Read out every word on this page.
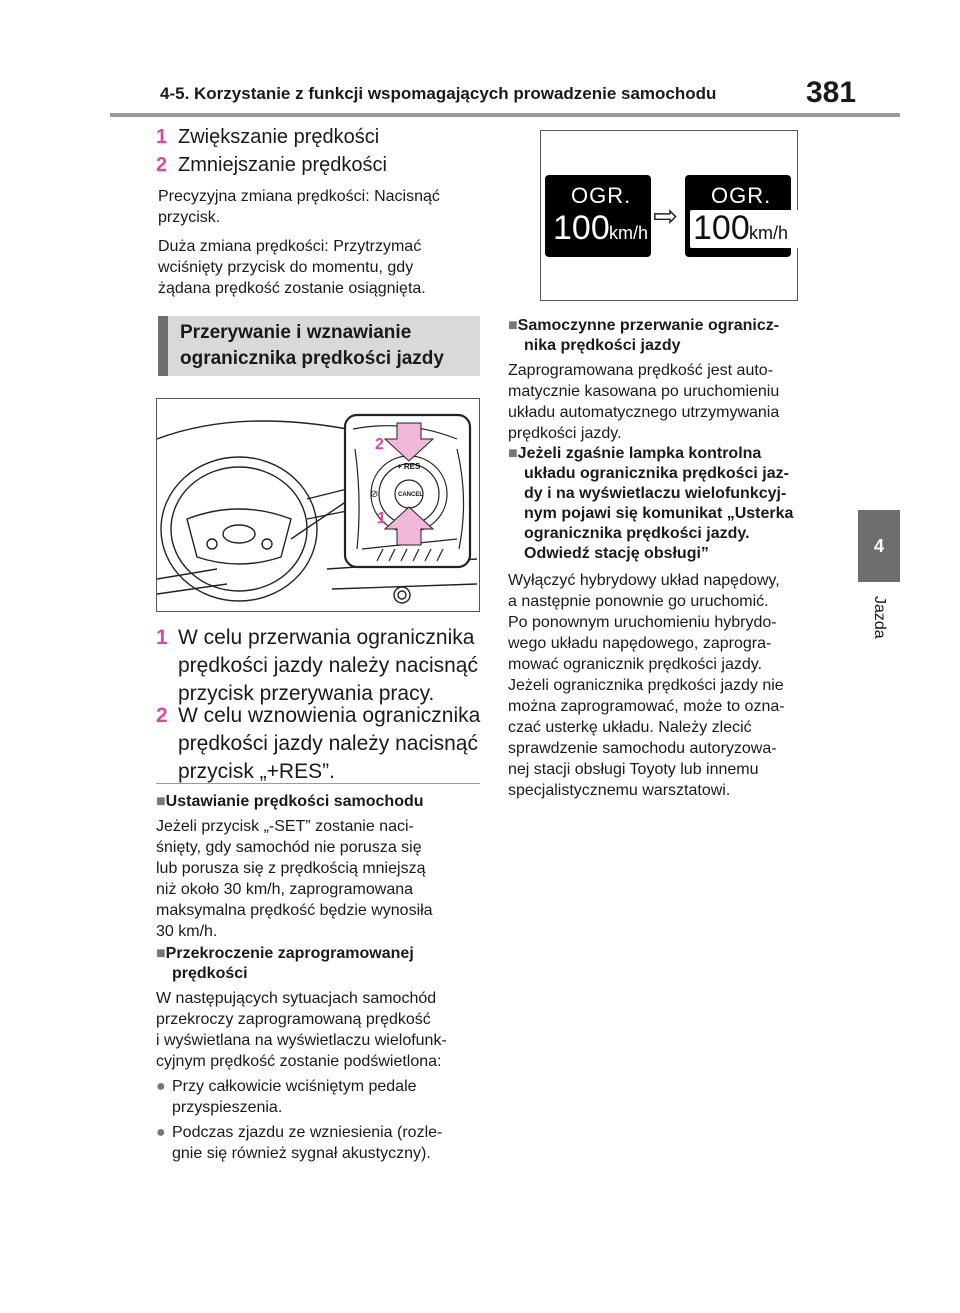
4-5. Korzystanie z funkcji wspomagających prowadzenie samochodu	381
4
Jazda
1 Zwiększanie prędkości
2 Zmniejszanie prędkości
Precyzyjna zmiana prędkości: Nacisnąć
przycisk.
Duża zmiana prędkości: Przytrzymać
wciśnięty przycisk do momentu, gdy
żądana prędkość zostanie osiągnięta.
Przerywanie i wznawianie
ogranicznika prędkości jazdy
+ RES
CANCEL
⊘
2
1
1 W celu przerwania ogranicznika
prędkości jazdy należy nacisnąć
przycisk przerywania pracy.
2 W celu wznowienia ogranicznika
prędkości jazdy należy nacisnąć
przycisk „+RES”.
■Ustawianie prędkości samochodu
Jeżeli przycisk „-SET” zostanie naci-
śnięty, gdy samochód nie porusza się
lub porusza się z prędkością mniejszą
niż około 30 km/h, zaprogramowana
maksymalna prędkość będzie wynosiła
30 km/h.
■Przekroczenie zaprogramowanej
prędkości
W następujących sytuacjach samochód
przekroczy zaprogramowaną prędkość
i wyświetlana na wyświetlaczu wielofunk-
cyjnym prędkość zostanie podświetlona:
● Przy całkowicie wciśniętym pedale
przyspieszenia.
● Podczas zjazdu ze wzniesienia (rozle-
gnie się również sygnał akustyczny).
OGR.
100 km/h ⇨
OGR.
100 km/h
■Samoczynne przerwanie ogranicz-
nika prędkości jazdy
Zaprogramowana prędkość jest auto-
matycznie kasowana po uruchomieniu
układu automatycznego utrzymywania
prędkości jazdy.
■Jeżeli zgaśnie lampka kontrolna
układu ogranicznika prędkości jaz-
dy i na wyświetlaczu wielofunkcyj-
nym pojawi się komunikat „Usterka
ogranicznika prędkości jazdy.
Odwiedź stację obsługi”
Wyłączyć hybrydowy układ napędowy,
a następnie ponownie go uruchomić.
Po ponownym uruchomieniu hybrydo-
wego układu napędowego, zaprogra-
mować ogranicznik prędkości jazdy.
Jeżeli ogranicznika prędkości jazdy nie
można zaprogramować, może to ozna-
czać usterkę układu. Należy zlecić
sprawdzenie samochodu autoryzowa-
nej stacji obsługi Toyoty lub innemu
specjalistycznemu warsztatowi.
